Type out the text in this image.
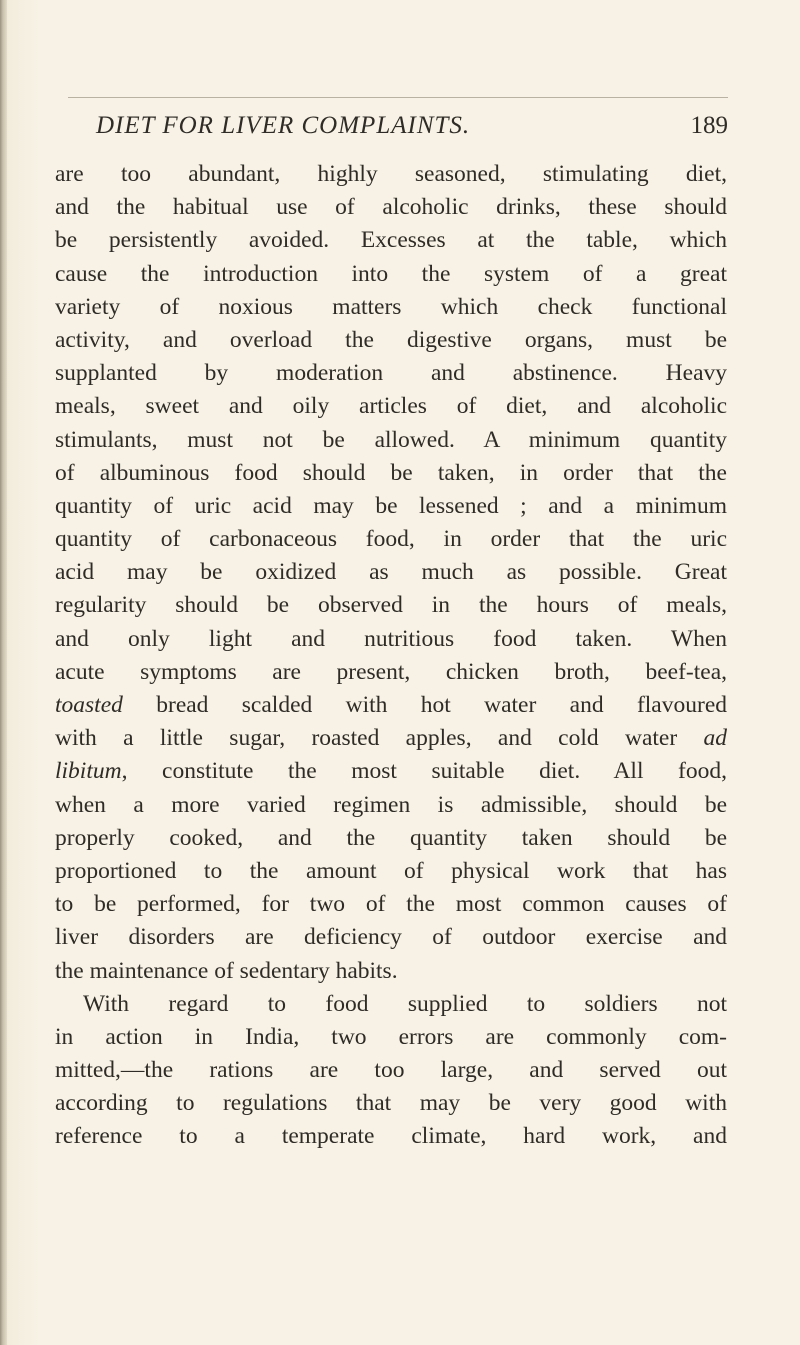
DIET FOR LIVER COMPLAINTS.	189
are too abundant, highly seasoned, stimulating diet,
and the habitual use of alcoholic drinks, these should
be persistently avoided. Excesses at the table, which
cause the introduction into the system of a great
variety of noxious matters which check functional
activity, and overload the digestive organs, must be
supplanted by moderation and abstinence. Heavy
meals, sweet and oily articles of diet, and alcoholic
stimulants, must not be allowed. A minimum quantity
of albuminous food should be taken, in order that the
quantity of uric acid may be lessened ; and a minimum
quantity of carbonaceous food, in order that the uric
acid may be oxidized as much as possible. Great
regularity should be observed in the hours of meals,
and only light and nutritious food taken. When
acute symptoms are present, chicken broth, beef-tea,
toasted bread scalded with hot water and flavoured
with a little sugar, roasted apples, and cold water ad
libitum, constitute the most suitable diet. All food,
when a more varied regimen is admissible, should be
properly cooked, and the quantity taken should be
proportioned to the amount of physical work that has
to be performed, for two of the most common causes of
liver disorders are deficiency of outdoor exercise and
the maintenance of sedentary habits.
With regard to food supplied to soldiers not
in action in India, two errors are commonly com-
mitted,—the rations are too large, and served out
according to regulations that may be very good with
reference to a temperate climate, hard work, and
